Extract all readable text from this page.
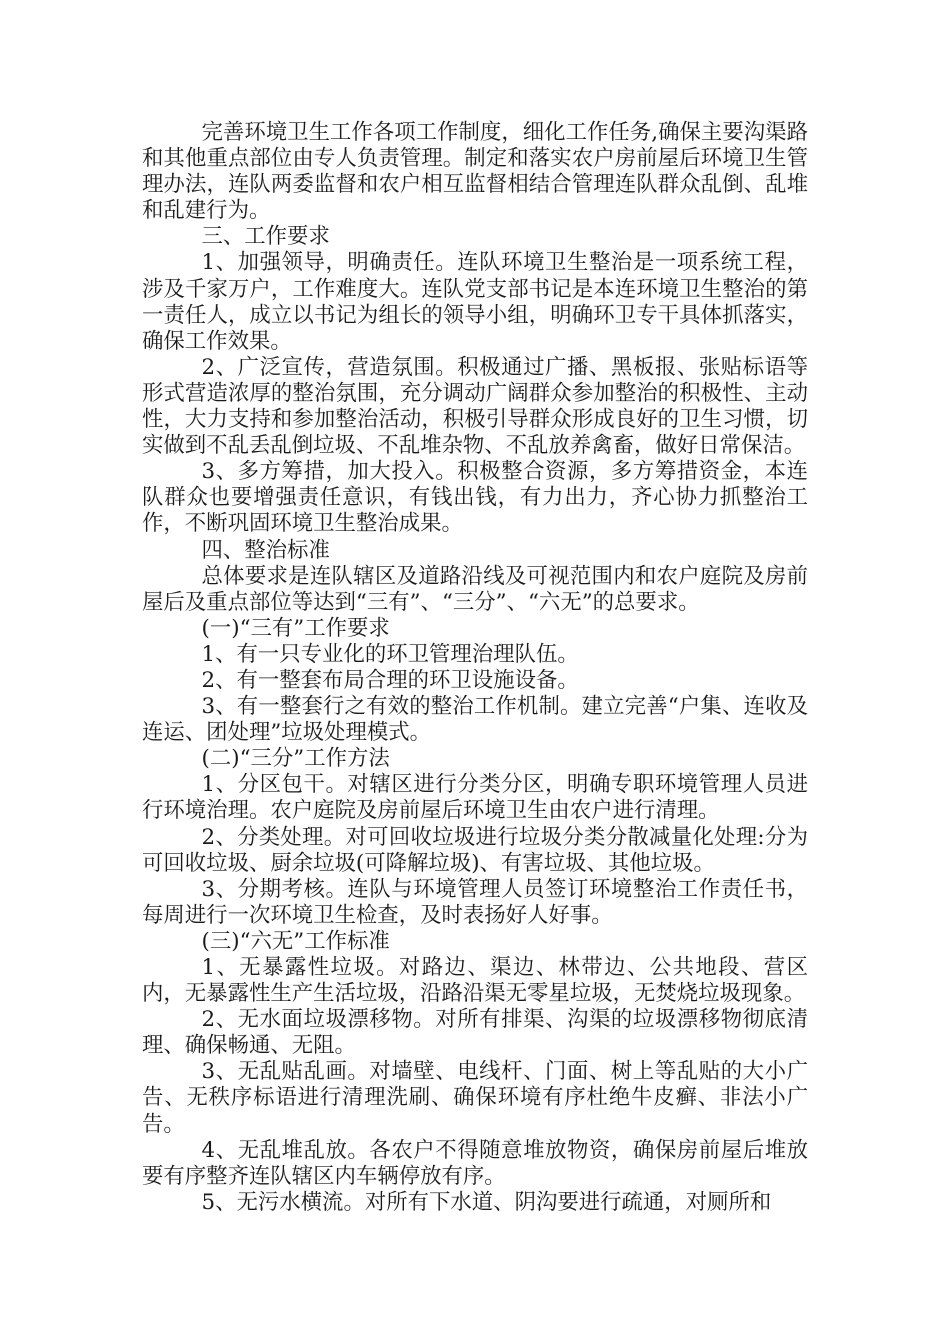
完善环境卫生工作各项工作制度，细化工作任务,确保主要沟渠路和其他重点部位由专人负责管理。制定和落实农户房前屋后环境卫生管理办法，连队两委监督和农户相互监督相结合管理连队群众乱倒、乱堆和乱建行为。

三、工作要求

1、加强领导，明确责任。连队环境卫生整治是一项系统工程，涉及千家万户，工作难度大。连队党支部书记是本连环境卫生整治的第一责任人，成立以书记为组长的领导小组，明确环卫专干具体抓落实，确保工作效果。

2、广泛宣传，营造氛围。积极通过广播、黑板报、张贴标语等形式营造浓厚的整治氛围，充分调动广阔群众参加整治的积极性、主动性，大力支持和参加整治活动，积极引导群众形成良好的卫生习惯，切实做到不乱丢乱倒垃圾、不乱堆杂物、不乱放养禽畜，做好日常保洁。

3、多方筹措，加大投入。积极整合资源，多方筹措资金，本连队群众也要增强责任意识，有钱出钱，有力出力，齐心协力抓整治工作，不断巩固环境卫生整治成果。

四、整治标准

总体要求是连队辖区及道路沿线及可视范围内和农户庭院及房前屋后及重点部位等达到“三有”、“三分”、“六无”的总要求。

(一)“三有”工作要求

1、有一只专业化的环卫管理治理队伍。

2、有一整套布局合理的环卫设施设备。

3、有一整套行之有效的整治工作机制。建立完善“户集、连收及连运、团处理”垃圾处理模式。

(二)“三分”工作方法

1、分区包干。对辖区进行分类分区，明确专职环境管理人员进行环境治理。农户庭院及房前屋后环境卫生由农户进行清理。

2、分类处理。对可回收垃圾进行垃圾分类分散减量化处理:分为可回收垃圾、厨余垃圾(可降解垃圾)、有害垃圾、其他垃圾。

3、分期考核。连队与环境管理人员签订环境整治工作责任书，每周进行一次环境卫生检查，及时表扬好人好事。

(三)“六无”工作标准

1、无暴露性垃圾。对路边、渠边、林带边、公共地段、营区内，无暴露性生产生活垃圾，沿路沿渠无零星垃圾，无焚烧垃圾现象。

2、无水面垃圾漂移物。对所有排渠、沟渠的垃圾漂移物彻底清理、确保畅通、无阻。

3、无乱贴乱画。对墙壁、电线杆、门面、树上等乱贴的大小广告、无秩序标语进行清理洗刷、确保环境有序杜绝牛皮癣、非法小广告。

4、无乱堆乱放。各农户不得随意堆放物资，确保房前屋后堆放要有序整齐连队辖区内车辆停放有序。

5、无污水横流。对所有下水道、阴沟要进行疏通，对厕所和
